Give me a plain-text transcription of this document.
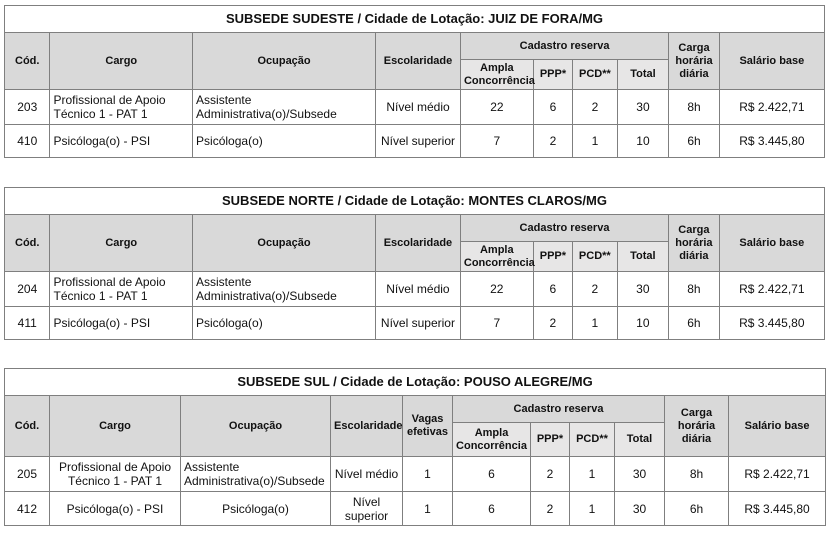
SUBSEDE SUDESTE / Cidade de Lotação: JUIZ DE FORA/MG									
Cód.	Cargo	Ocupação	Escolaridade	Cadastro reserva				Carga horária diária	Salário base
				Ampla Concorrência	PPP*	PCD**	Total		
203	Profissional de Apoio Técnico 1 - PAT 1	Assistente Administrativa(o)/Subsede	Nível médio	22	6	2	30	8h	R$ 2.422,71
410	Psicóloga(o) - PSI	Psicóloga(o)	Nível superior	7	2	1	10	6h	R$ 3.445,80
SUBSEDE NORTE / Cidade de Lotação: MONTES CLAROS/MG									
Cód.	Cargo	Ocupação	Escolaridade	Cadastro reserva				Carga horária diária	Salário base
				Ampla Concorrência	PPP*	PCD**	Total		
204	Profissional de Apoio Técnico 1 - PAT 1	Assistente Administrativa(o)/Subsede	Nível médio	22	6	2	30	8h	R$ 2.422,71
411	Psicóloga(o) - PSI	Psicóloga(o)	Nível superior	7	2	1	10	6h	R$ 3.445,80
SUBSEDE SUL / Cidade de Lotação: POUSO ALEGRE/MG										
Cód.	Cargo	Ocupação	Escolaridade	Vagas efetivas	Cadastro reserva				Carga horária diária	Salário base
					Ampla Concorrência	PPP*	PCD**	Total		
205	Profissional de Apoio Técnico 1 - PAT 1	Assistente Administrativa(o)/Subsede	Nível médio	1	6	2	1	30	8h	R$ 2.422,71
412	Psicóloga(o) - PSI	Psicóloga(o)	Nível superior	1	6	2	1	30	6h	R$ 3.445,80
